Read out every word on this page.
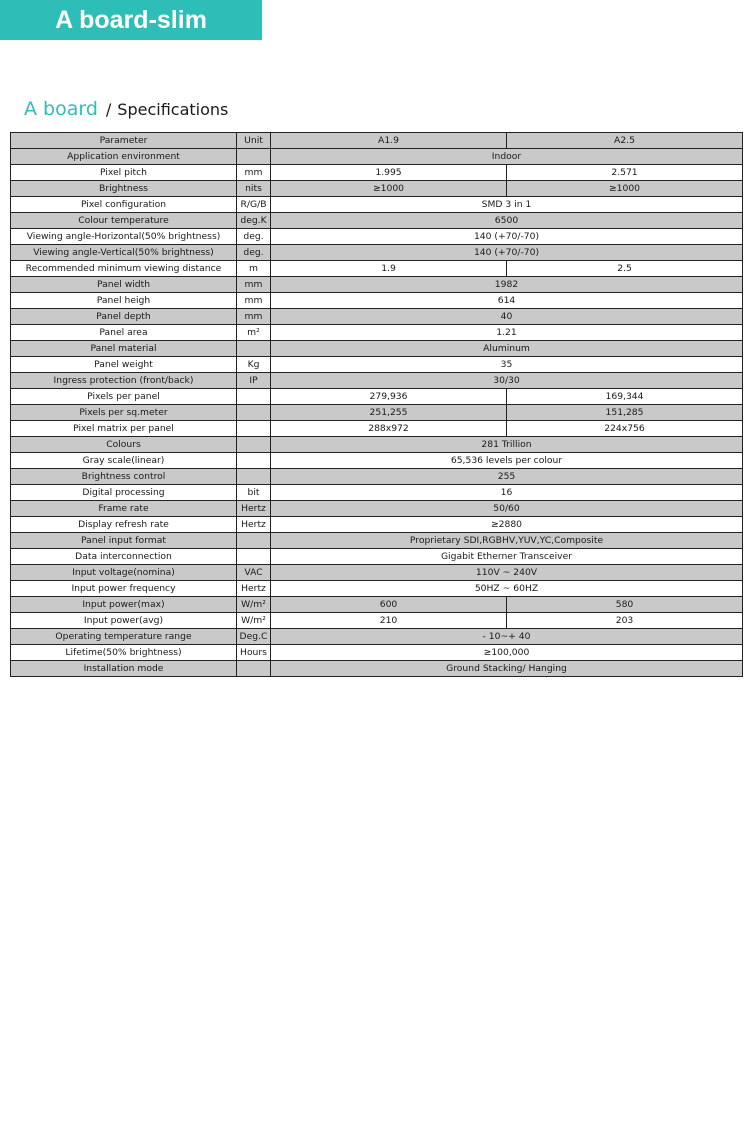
A board-slim
A board / Specifications
Parameter	Unit	A1.9	A2.5
Application environment		Indoor	
Pixel pitch	mm	1.995	2.571
Brightness	nits	≥1000	≥1000
Pixel configuration	R/G/B	SMD 3 in 1	
Colour temperature	deg.K	6500	
Viewing angle-Horizontal(50% brightness)	deg.	140 (+70/-70)	
Viewing angle-Vertical(50% brightness)	deg.	140 (+70/-70)	
Recommended minimum viewing distance	m	1.9	2.5
Panel width	mm	1982	
Panel heigh	mm	614	
Panel depth	mm	40	
Panel area	m²	1.21	
Panel material		Aluminum	
Panel weight	Kg	35	
Ingress protection (front/back)	IP	30/30	
Pixels per panel		279,936	169,344
Pixels per sq.meter		251,255	151,285
Pixel matrix per panel		288x972	224x756
Colours		281 Trillion	
Gray scale(linear)		65,536 levels per colour	
Brightness control		255	
Digital processing	bit	16	
Frame rate	Hertz	50/60	
Display refresh rate	Hertz	≥2880	
Panel input format		Proprietary SDI,RGBHV,YUV,YC,Composite	
Data interconnection		Gigabit Etherner Transceiver	
Input voltage(nomina)	VAC	110V ~ 240V	
Input power frequency	Hertz	50HZ ~ 60HZ	
Input power(max)	W/m²	600	580
Input power(avg)	W/m²	210	203
Operating temperature range	Deg.C	- 10~+ 40	
Lifetime(50% brightness)	Hours	≥100,000	
Installation mode		Ground Stacking/ Hanging	
